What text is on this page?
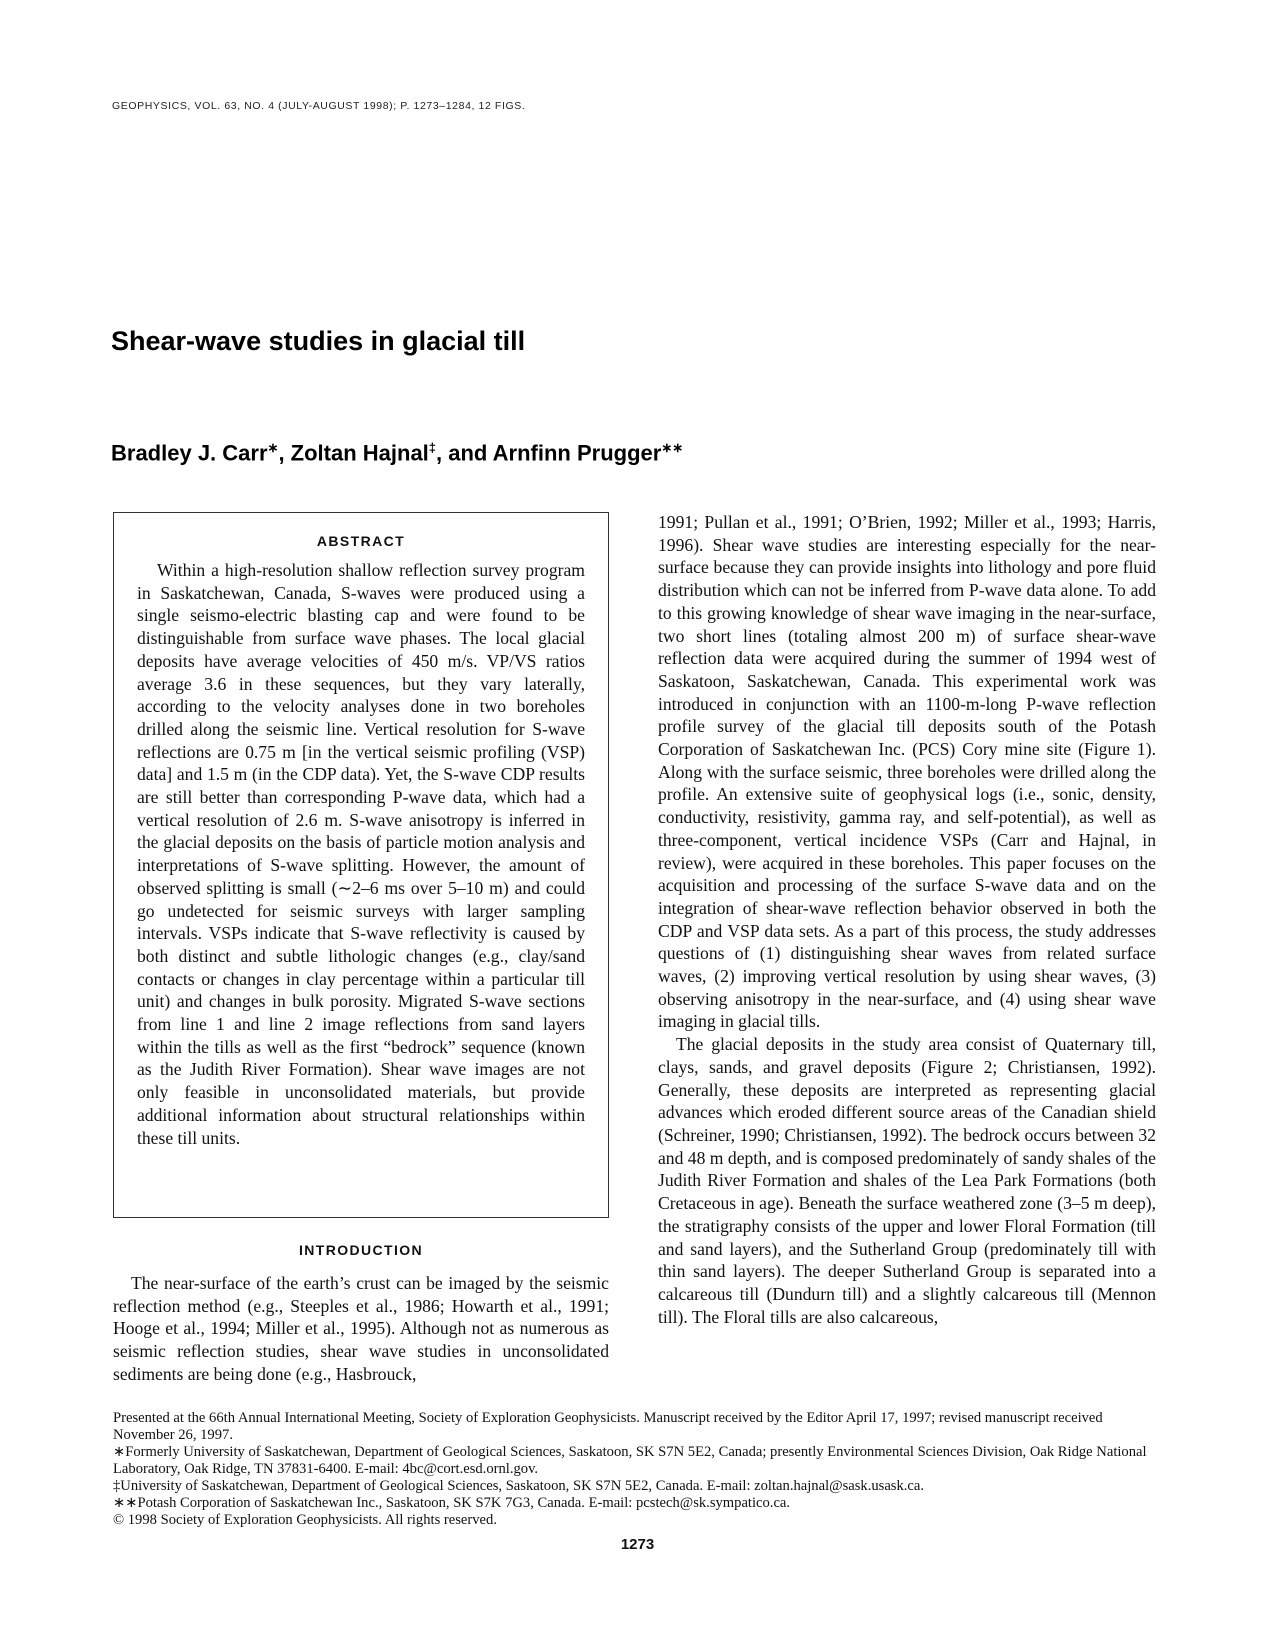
GEOPHYSICS, VOL. 63, NO. 4 (JULY-AUGUST 1998); P. 1273–1284, 12 FIGS.
Shear-wave studies in glacial till
Bradley J. Carr∗, Zoltan Hajnal‡, and Arnfinn Prugger∗∗

ABSTRACT

Within a high-resolution shallow reflection survey program in Saskatchewan, Canada, S-waves were produced using a single seismo-electric blasting cap and were found to be distinguishable from surface wave phases. The local glacial deposits have average velocities of 450 m/s. VP/VS ratios average 3.6 in these sequences, but they vary laterally, according to the velocity analyses done in two boreholes drilled along the seismic line. Vertical resolution for S-wave reflections are 0.75 m [in the vertical seismic profiling (VSP) data] and 1.5 m (in the CDP data). Yet, the S-wave CDP results are still better than corresponding P-wave data, which had a vertical resolution of 2.6 m. S-wave anisotropy is inferred in the glacial deposits on the basis of particle motion analysis and interpretations of S-wave splitting. However, the amount of observed splitting is small (∼2–6 ms over 5–10 m) and could go undetected for seismic surveys with larger sampling intervals. VSPs indicate that S-wave reflectivity is caused by both distinct and subtle lithologic changes (e.g., clay/sand contacts or changes in clay percentage within a particular till unit) and changes in bulk porosity. Migrated S-wave sections from line 1 and line 2 image reflections from sand layers within the tills as well as the first “bedrock” sequence (known as the Judith River Formation). Shear wave images are not only feasible in unconsolidated materials, but provide additional information about structural relationships within these till units.

INTRODUCTION

The near-surface of the earth’s crust can be imaged by the seismic reflection method (e.g., Steeples et al., 1986; Howarth et al., 1991; Hooge et al., 1994; Miller et al., 1995). Although not as numerous as seismic reflection studies, shear wave studies in unconsolidated sediments are being done (e.g., Hasbrouck,

1991; Pullan et al., 1991; O’Brien, 1992; Miller et al., 1993; Harris, 1996). Shear wave studies are interesting especially for the near-surface because they can provide insights into lithology and pore fluid distribution which can not be inferred from P-wave data alone. To add to this growing knowledge of shear wave imaging in the near-surface, two short lines (totaling almost 200 m) of surface shear-wave reflection data were acquired during the summer of 1994 west of Saskatoon, Saskatchewan, Canada. This experimental work was introduced in conjunction with an 1100-m-long P-wave reflection profile survey of the glacial till deposits south of the Potash Corporation of Saskatchewan Inc. (PCS) Cory mine site (Figure 1). Along with the surface seismic, three boreholes were drilled along the profile. An extensive suite of geophysical logs (i.e., sonic, density, conductivity, resistivity, gamma ray, and self-potential), as well as three-component, vertical incidence VSPs (Carr and Hajnal, in review), were acquired in these boreholes. This paper focuses on the acquisition and processing of the surface S-wave data and on the integration of shear-wave reflection behavior observed in both the CDP and VSP data sets. As a part of this process, the study addresses questions of (1) distinguishing shear waves from related surface waves, (2) improving vertical resolution by using shear waves, (3) observing anisotropy in the near-surface, and (4) using shear wave imaging in glacial tills.

The glacial deposits in the study area consist of Quaternary till, clays, sands, and gravel deposits (Figure 2; Christiansen, 1992). Generally, these deposits are interpreted as representing glacial advances which eroded different source areas of the Canadian shield (Schreiner, 1990; Christiansen, 1992). The bedrock occurs between 32 and 48 m depth, and is composed predominately of sandy shales of the Judith River Formation and shales of the Lea Park Formations (both Cretaceous in age). Beneath the surface weathered zone (3–5 m deep), the stratigraphy consists of the upper and lower Floral Formation (till and sand layers), and the Sutherland Group (predominately till with thin sand layers). The deeper Sutherland Group is separated into a calcareous till (Dundurn till) and a slightly calcareous till (Mennon till). The Floral tills are also calcareous,

Presented at the 66th Annual International Meeting, Society of Exploration Geophysicists. Manuscript received by the Editor April 17, 1997; revised manuscript received November 26, 1997.

∗Formerly University of Saskatchewan, Department of Geological Sciences, Saskatoon, SK S7N 5E2, Canada; presently Environmental Sciences Division, Oak Ridge National Laboratory, Oak Ridge, TN 37831-6400. E-mail: 4bc@cort.esd.ornl.gov.

‡University of Saskatchewan, Department of Geological Sciences, Saskatoon, SK S7N 5E2, Canada. E-mail: zoltan.hajnal@sask.usask.ca.

∗∗Potash Corporation of Saskatchewan Inc., Saskatoon, SK S7K 7G3, Canada. E-mail: pcstech@sk.sympatico.ca.

© 1998 Society of Exploration Geophysicists. All rights reserved.

1273
